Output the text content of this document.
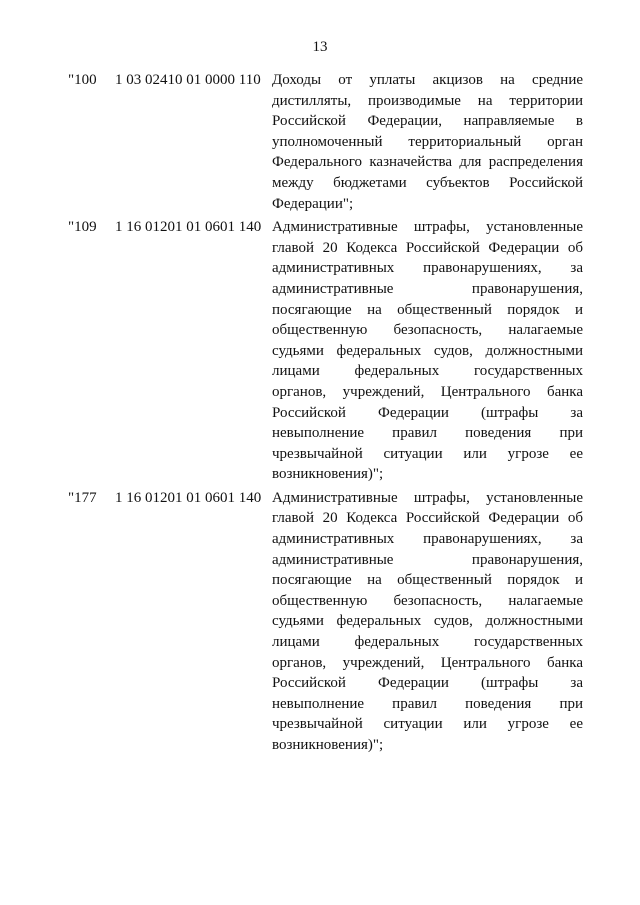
13
"100	1 03 02410 01 0000 110 Доходы от уплаты акцизов на средние
дистилляты, производимые на территории
Российской Федерации, направляемые в
уполномоченный территориальный орган
Федерального казначейства для распределения
между бюджетами субъектов Российской
Федерации";
"109	1 16 01201 01 0601 140 Административные штрафы, установленные
главой 20 Кодекса Российской Федерации об
административных правонарушениях, за
административные правонарушения,
посягающие на общественный порядок и
общественную безопасность, налагаемые
судьями федеральных судов, должностными
лицами федеральных государственных
органов, учреждений, Центрального банка
Российской Федерации (штрафы за
невыполнение правил поведения при
чрезвычайной ситуации или угрозе ее
возникновения)";
"177	1 16 01201 01 0601 140 Административные штрафы, установленные
главой 20 Кодекса Российской Федерации об
административных правонарушениях, за
административные правонарушения,
посягающие на общественный порядок и
общественную безопасность, налагаемые
судьями федеральных судов, должностными
лицами федеральных государственных
органов, учреждений, Центрального банка
Российской Федерации (штрафы за
невыполнение правил поведения при
чрезвычайной ситуации или угрозе ее
возникновения)";
